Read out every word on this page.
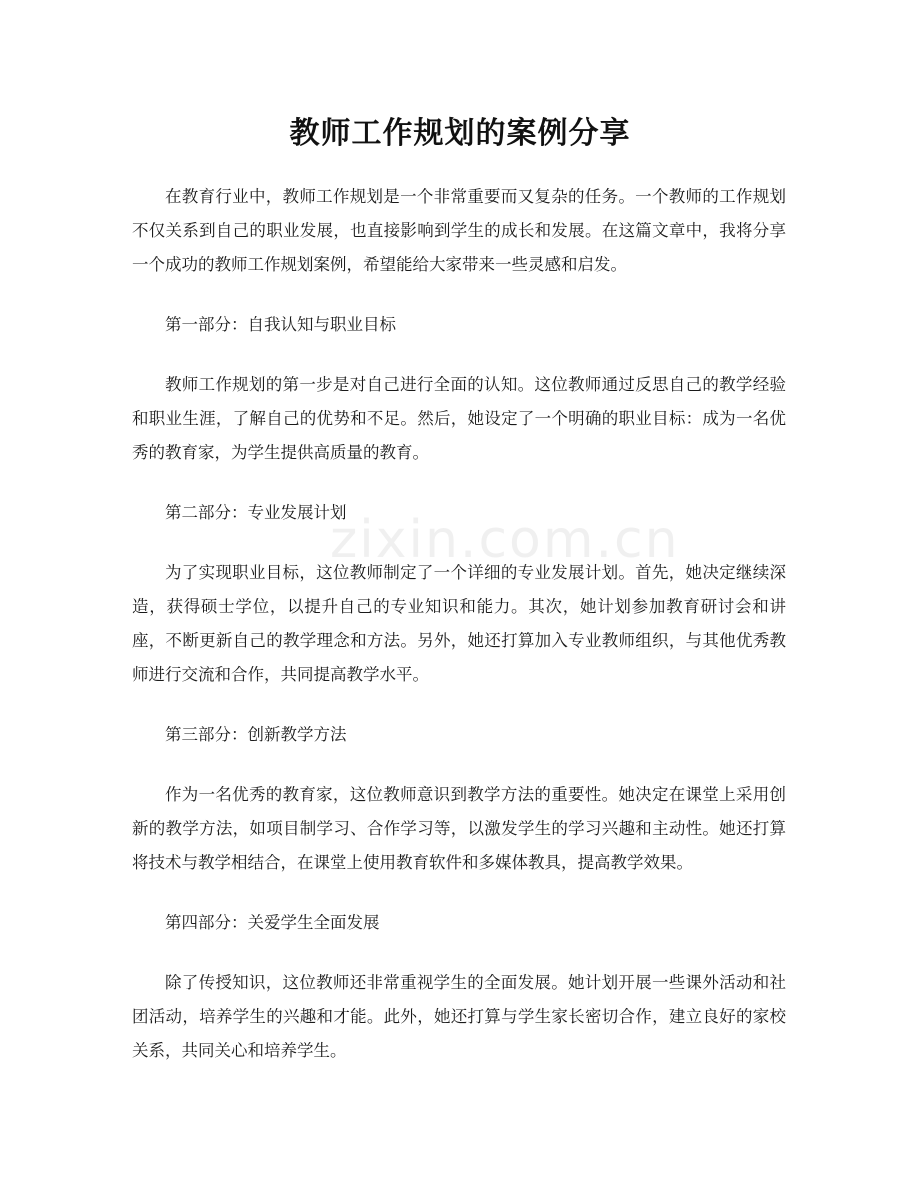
教师工作规划的案例分享
zixin.com.cn

在教育行业中，教师工作规划是一个非常重要而又复杂的任务。一个教师的工作规划不仅关系到自己的职业发展，也直接影响到学生的成长和发展。在这篇文章中，我将分享一个成功的教师工作规划案例，希望能给大家带来一些灵感和启发。

第一部分：自我认知与职业目标

教师工作规划的第一步是对自己进行全面的认知。这位教师通过反思自己的教学经验和职业生涯，了解自己的优势和不足。然后，她设定了一个明确的职业目标：成为一名优秀的教育家，为学生提供高质量的教育。

第二部分：专业发展计划

为了实现职业目标，这位教师制定了一个详细的专业发展计划。首先，她决定继续深造，获得硕士学位，以提升自己的专业知识和能力。其次，她计划参加教育研讨会和讲座，不断更新自己的教学理念和方法。另外，她还打算加入专业教师组织，与其他优秀教师进行交流和合作，共同提高教学水平。

第三部分：创新教学方法

作为一名优秀的教育家，这位教师意识到教学方法的重要性。她决定在课堂上采用创新的教学方法，如项目制学习、合作学习等，以激发学生的学习兴趣和主动性。她还打算将技术与教学相结合，在课堂上使用教育软件和多媒体教具，提高教学效果。

第四部分：关爱学生全面发展

除了传授知识，这位教师还非常重视学生的全面发展。她计划开展一些课外活动和社团活动，培养学生的兴趣和才能。此外，她还打算与学生家长密切合作，建立良好的家校关系，共同关心和培养学生。
